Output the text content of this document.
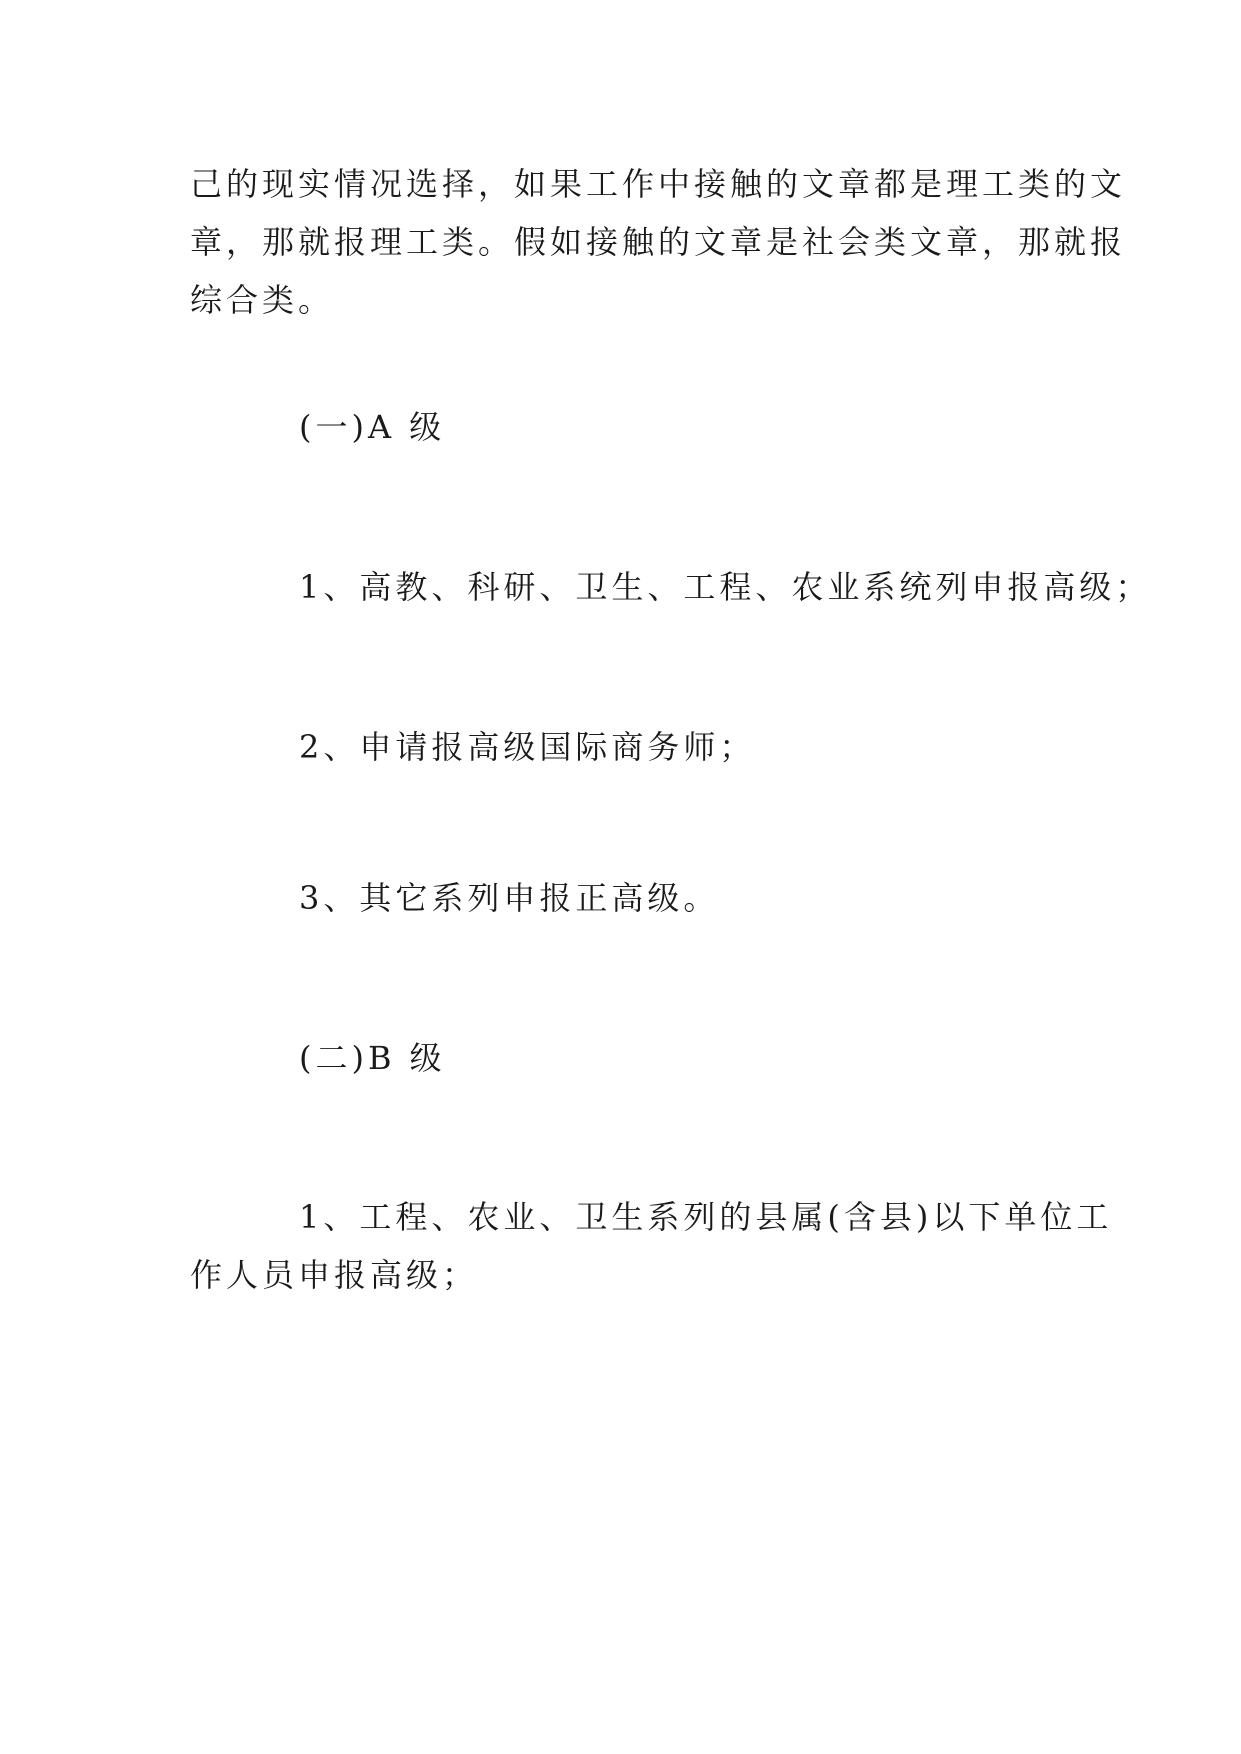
己的现实情况选择，如果工作中接触的文章都是理工类的文

章，那就报理工类。假如接触的文章是社会类文章，那就报

综合类。

(一)A 级

1、高教、科研、卫生、工程、农业系统列申报高级；

2、申请报高级国际商务师；

3、其它系列申报正高级。

(二)B 级

1、工程、农业、卫生系列的县属(含县)以下单位工

作人员申报高级；
